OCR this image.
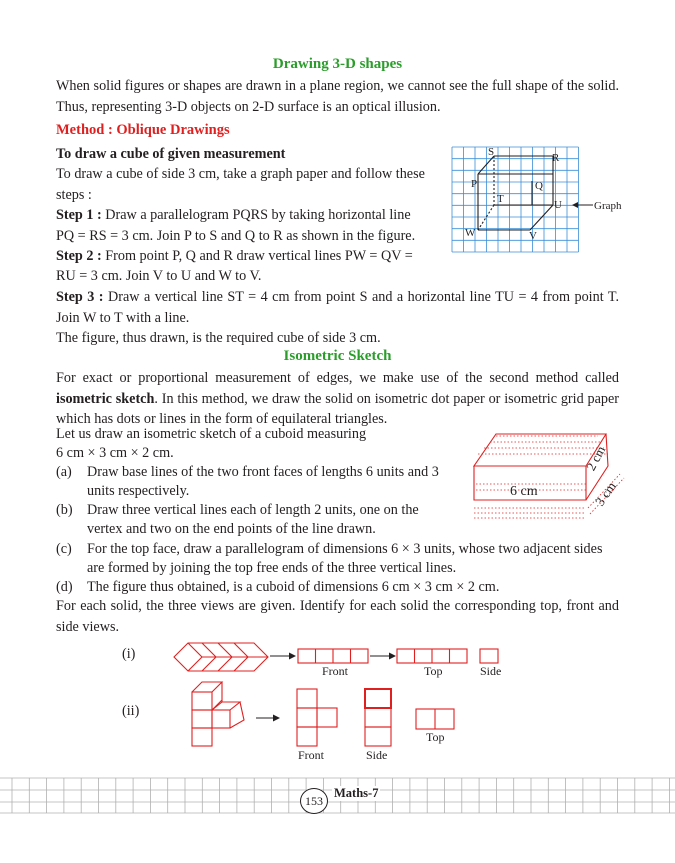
Drawing 3-D shapes
When solid figures or shapes are drawn in a plane region, we cannot see the full shape of the solid. Thus, representing 3-D objects on 2-D surface is an optical illusion.
Method : Oblique Drawings
To draw a cube of given measurement
To draw a cube of side 3 cm, take a graph paper and follow these
steps :
Step 1 : Draw a parallelogram PQRS by taking horizontal line
PQ = RS = 3 cm. Join P to S and Q to R as shown in the figure.
Step 2 : From point P, Q and R draw vertical lines PW = QV =
RU = 3 cm. Join V to U and W to V.
Step 3 : Draw a vertical line ST = 4 cm from point S and a horizontal line TU = 4 from point T. Join W to T with a line.
The figure, thus drawn, is the required cube of side 3 cm.
S	R
P	Q
T	U
W	V
Graph
Isometric Sketch
For exact or proportional measurement of edges, we make use of the second method called isometric sketch. In this method, we draw the solid on isometric dot paper or isometric grid paper which has dots or lines in the form of equilateral triangles.
Let us draw an isometric sketch of a cuboid measuring
6 cm × 3 cm × 2 cm.
(a) Draw base lines of the two front faces of lengths 6 units and 3
units respectively.
(b) Draw three vertical lines each of length 2 units, one on the
vertex and two on the end points of the line drawn.
(c) For the top face, draw a parallelogram of dimensions 6 × 3 units, whose two adjacent sides
are formed by joining the top free ends of the three vertical lines.
(d) The figure thus obtained, is a cuboid of dimensions 6 cm × 3 cm × 2 cm.
6 cm
2 cm
3 cm
For each solid, the three views are given. Identify for each solid the corresponding top, front and side views.
(i)
Front	Top	Side
(ii)
Front	Side
Top
153
Maths-7
